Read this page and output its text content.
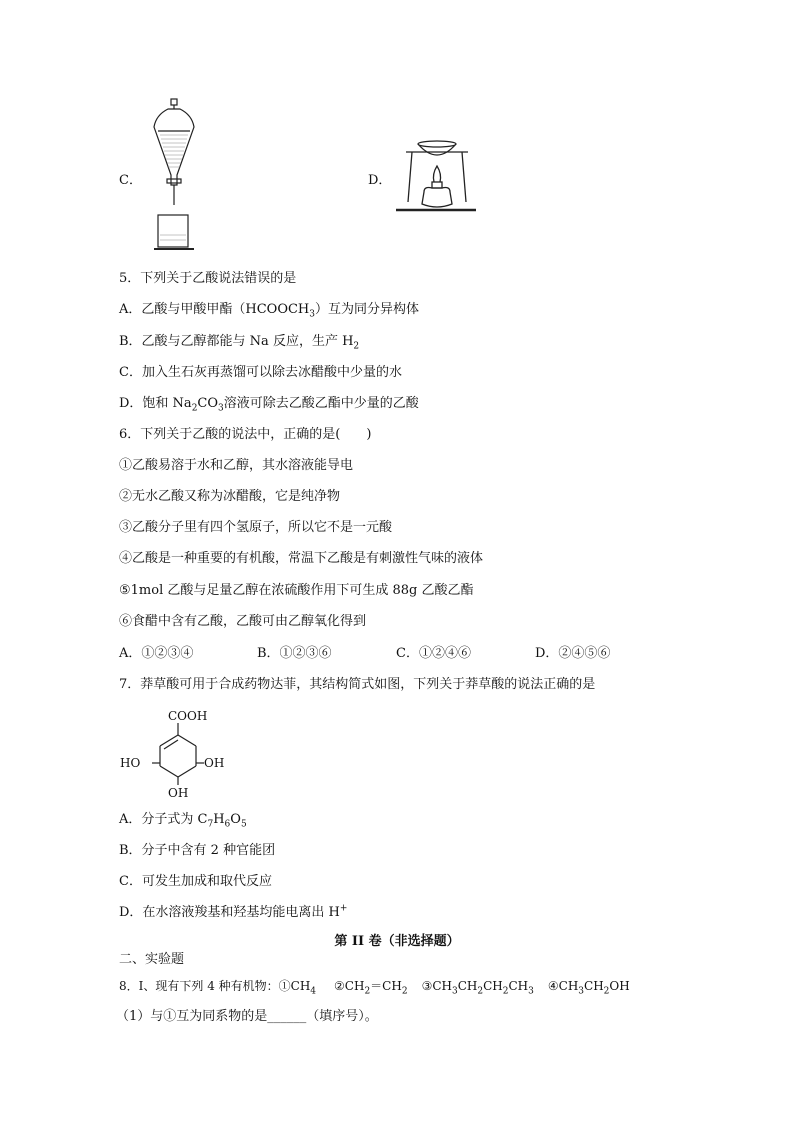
C．	D．
5．下列关于乙酸说法错误的是
A．乙酸与甲酸甲酯$(HCOOCH_3)$互为同分异构体
B．乙酸与乙醇都能与 Na 反应，生产 $H_2$
C．加入生石灰再蒸馏可以除去冰醋酸中少量的水
D．饱和 $Na_2CO_3$溶液可除去乙酸乙酯中少量的乙酸
6．下列关于乙酸的说法中，正确的是(　　)
①乙酸易溶于水和乙醇，其水溶液能导电
②无水乙酸又称为冰醋酸，它是纯净物
③乙酸分子里有四个氢原子，所以它不是一元酸
④乙酸是一种重要的有机酸，常温下乙酸是有刺激性气味的液体
⑤1mol 乙酸与足量乙醇在浓硫酸作用下可生成 88g 乙酸乙酯
⑥食醋中含有乙酸，乙酸可由乙醇氧化得到
A．①②③④	B．①②③⑥	C．①②④⑥	D．②④⑤⑥
7．莽草酸可用于合成药物达菲，其结构简式如图，下列关于莽草酸的说法正确的是
COOH
HO	OH
OH
A．分子式为 $C_7H_6O_5$
B．分子中含有 2 种官能团
C．可发生加成和取代反应
D．在水溶液羧基和羟基均能电离出 H+
第 II 卷（非选择题）
二、实验题
8．I、现有下列 4 种有机物：$①CH_4$ $②CH_2=CH_2$ $③CH_3CH_2CH_2CH_3$ $④CH_3CH_2OH$
（1）与①互为同系物的是______（填序号）。
